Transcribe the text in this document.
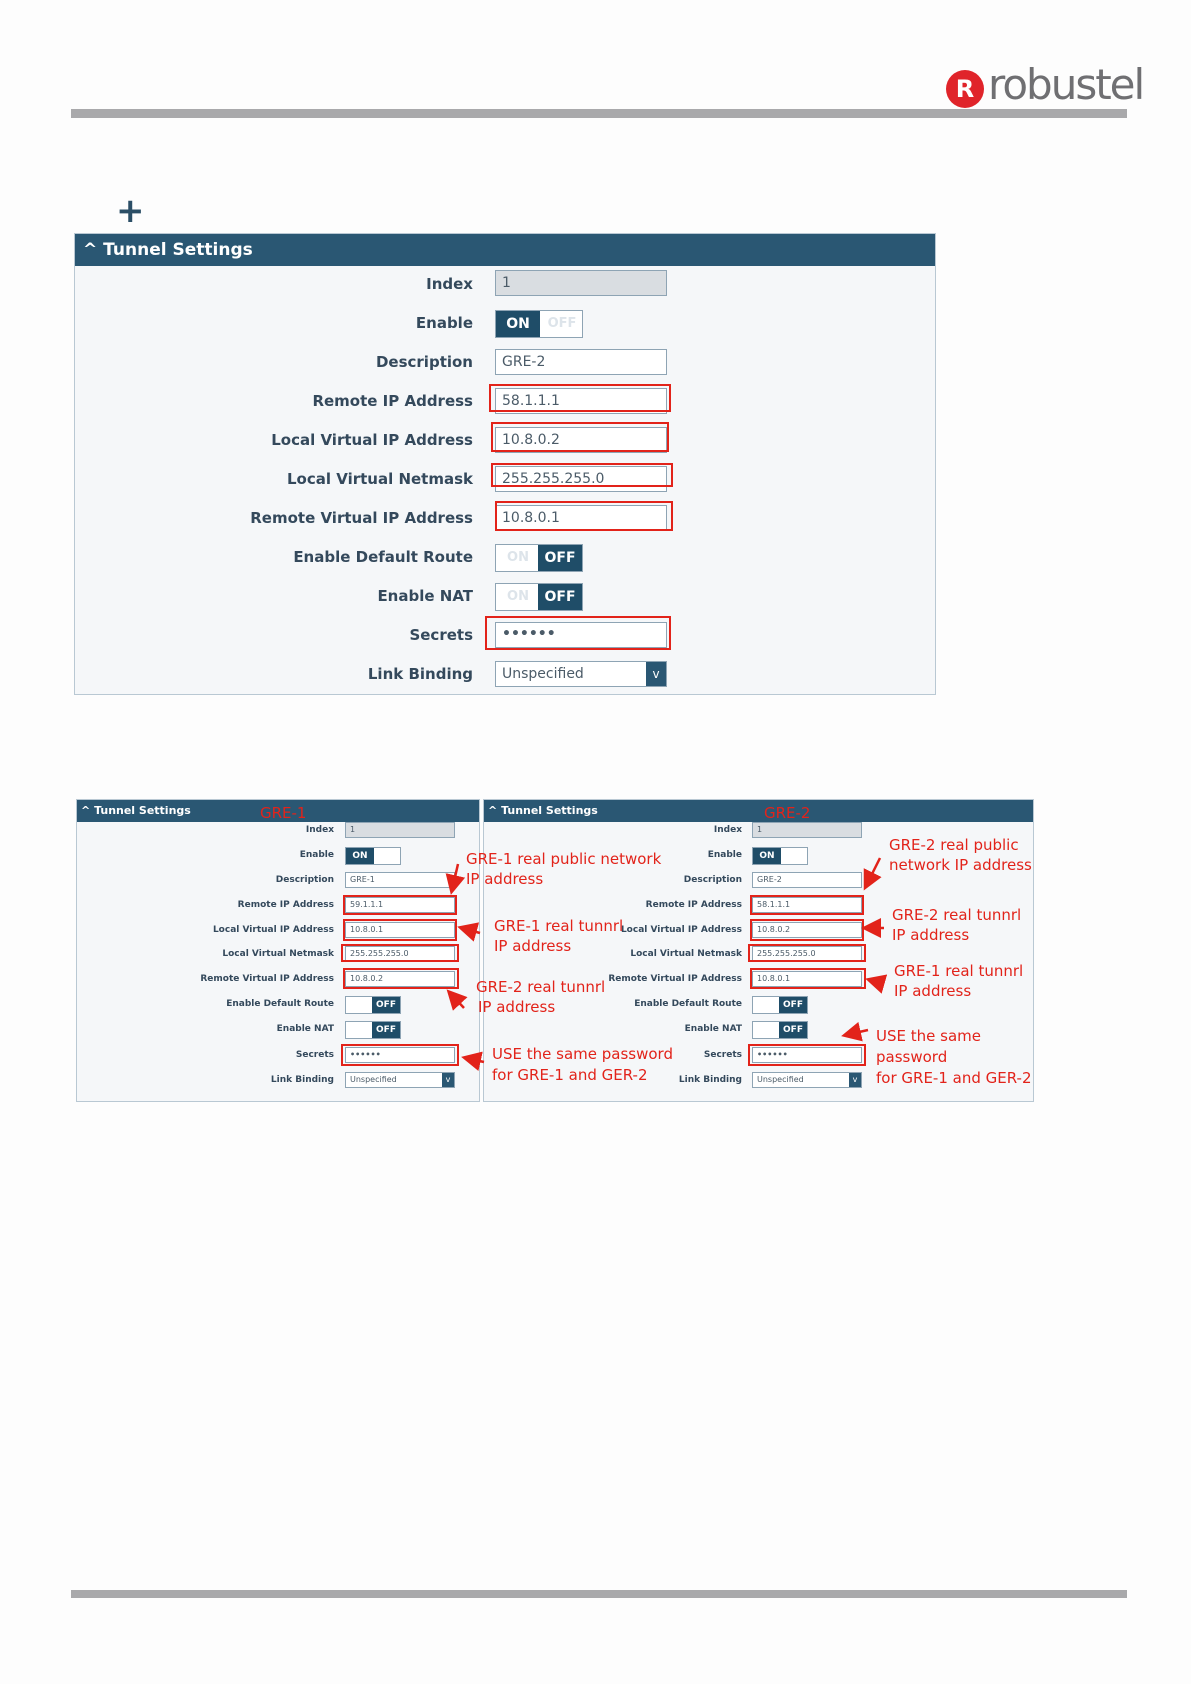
R robustel
+
^ Tunnel Settings
Index	1
Enable	ON	OFF
Description	GRE-2
Remote IP Address	58.1.1.1
Local Virtual IP Address	10.8.0.2
Local Virtual Netmask	255.255.255.0
Remote Virtual IP Address	10.8.0.1
Enable Default Route	ON	OFF
Enable NAT	ON	OFF
Secrets	••••••
Link Binding	Unspecified	v
^ Tunnel Settings	GRE-1
Index	1
Enable	ON
Description	GRE-1
Remote IP Address	59.1.1.1
Local Virtual IP Address	10.8.0.1
Local Virtual Netmask	255.255.255.0
Remote Virtual IP Address	10.8.0.2
Enable Default Route	OFF
Enable NAT	OFF
Secrets	••••••
Link Binding	Unspecified	v
^ Tunnel Settings	GRE-2
Index	1
Enable	ON
Description	GRE-2
Remote IP Address	58.1.1.1
Local Virtual IP Address	10.8.0.2
Local Virtual Netmask	255.255.255.0
Remote Virtual IP Address	10.8.0.1
Enable Default Route	OFF
Enable NAT	OFF
Secrets	••••••
Link Binding	Unspecified	v
GRE-1 real public network
IP address
GRE-1 real tunnrl
IP address
GRE-2 real tunnrl
IP address
USE the same password
for GRE-1 and GER-2
GRE-2 real public
network IP address
GRE-2 real tunnrl
IP address
GRE-1 real tunnrl
IP address
USE the same
password
for GRE-1 and GER-2
